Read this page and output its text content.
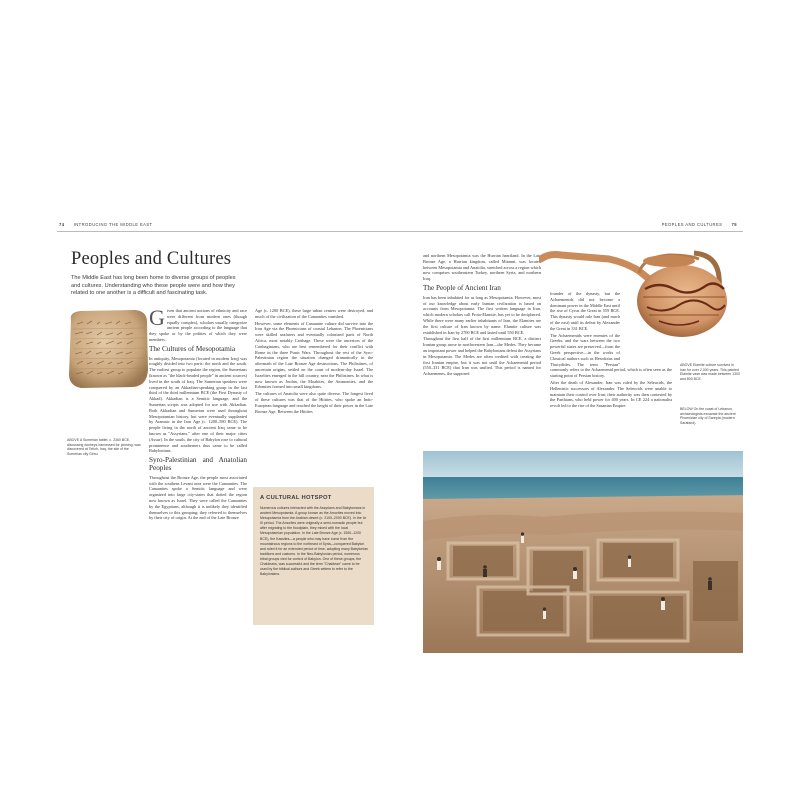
74 INTRODUCING THE MIDDLE EAST
Peoples and Cultures
The Middle East has long been home to diverse groups of peoples and cultures. Understanding who these people were and how they related to one another is a difficult and fascinating task.
ABOVE A Sumerian tablet, c. 2360 BCE, discussing donkeys harnessed for plowing; was discovered at Telloh, Iraq, the site of the Sumerian city Girsu.

Given that ancient notions of ethnicity and race were different from modern ones (though equally complex), scholars usually categorize ancient people according to the language that they spoke or by the polities of which they were members.

The Cultures of Mesopotamia

In antiquity, Mesopotamia (located in modern Iraq) was roughly divided into two parts: the north and the south. The earliest group to populate the region, the Sumerians (known as "the black-headed people" in ancient sources) lived in the south of Iraq. The Sumerian speakers were conquered by an Akkadian-speaking group in the last third of the third millennium BCE (the First Dynasty of Akkad). Akkadian is a Semitic language, and the Sumerian scripts was adopted for use with Akkadian. Both Akkadian and Sumerian were used throughout Mesopotamian history, but were eventually supplanted by Aramaic in the Iron Age (c. 1200–580 BCE). The people living in the north of ancient Iraq came to be known as "Assyrians," after one of their major cities (Assur). In the south, the city of Babylon rose to cultural prominence and southerners thus came to be called Babylonians.

Syro-Palestinian and Anatolian Peoples

Throughout the Bronze Age, the people most associated with the southern Levant area were the Canaanites. The Canaanites spoke a Semitic language and were organized into large city-states that dotted the region now known as Israel. They were called the Canaanites by the Egyptians, although it is unlikely they identified themselves to this grouping; they referred to themselves by their city of origin. At the end of the Late Bronze

Age (c. 1200 BCE), these large urban centers were destroyed, and much of the civilization of the Canaanites vanished.

However, some elements of Canaanite culture did survive into the Iron Age via the Phoenicians of coastal Lebanon. The Phoenicians were skilled seafarers and eventually colonized parts of North Africa, most notably Carthage. These were the ancestors of the Carthaginians, who are best remembered for their conflict with Rome in the three Punic Wars. Throughout the rest of the Syro-Palestinian region the situation changed dramatically in the aftermath of the Late Bronze Age destructions. The Philistines, of uncertain origins, settled on the coast of modern-day Israel. The Israelites emerged in the hill country, near the Philistines. In what is now known as Jordan, the Moabites, the Ammonites, and the Edomites formed into small kingdoms.

The cultures of Anatolia were also quite diverse. The longest lived of these cultures was that of the Hittites, who spoke an Indo-European language and reached the height of their power in the Late Bronze Age. Between the Hittites

A CULTURAL HOTSPOT
Numerous cultures interacted with the Assyrians and Babylonians in ancient Mesopotamia. A group known as the Amorites moved into Mesopotamia from the Arabian desert (c. 2100–2000 BCE). In the Ur III period. The Amorites were originally a semi-nomadic people but after migrating to the floodplain, they mixed with the local Mesopotamian population. In the Late Bronze Age (c. 1550–1200 BCE), the Kassites—a people who may have come from the mountainous regions to the northeast of Syria—conquered Babylon and ruled it for an extended period of time, adopting many Babylonian traditions and customs. In the Neo-Babylonian period, numerous tribal groups vied for control of Babylon. One of these groups, the Chaldeans, was successful and the term "Chaldean" came to be used by the biblical authors and Greek writers to refer to the Babylonians.
PEOPLES AND CULTURES 75

and northern Mesopotamia was the Hurrian heartland. In the Late Bronze Age, a Hurrian kingdom, called Mitanni, was located between Mesopotamia and Anatolia, stretched across a region which now comprises southeastern Turkey, northern Syria, and northern Iraq.

The People of Ancient Iran

Iran has been inhabited for as long as Mesopotamia. However, most of our knowledge about early Iranian civilization is based on accounts from Mesopotamia. The first written language in Iran, which modern scholars call Proto-Elamite, has yet to be deciphered. While there were many earlier inhabitants of Iran, the Elamites are the first culture of Iran known by name. Elamite culture was established in Iran by 2700 BCE and lasted until 550 BCE.

Throughout the first half of the first millennium BCE, a distinct Iranian group arose in northwestern Iran—the Medes. They became an important power and helped the Babylonians defeat the Assyrians in Mesopotamia. The Medes are often credited with creating the first Iranian empire, but it was not until the Achaemenid period (550–331 BCE) that Iran was unified. This period is named for Achaemenes, the supposed

founder of the dynasty, but the Achaemenids did not become a dominant power in the Middle East until the rise of Cyrus the Great in 559 BCE. This dynasty would rule Iran (and much of the east) until its defeat by Alexander the Great in 331 BCE.

The Achaemenids were enemies of the Greeks, and the wars between the two powerful states are preserved—from the Greek perspective—in the works of Classical authors such as Herodotus and Thucydides. The term "Persian" commonly refers to the Achaemenid period, which is often seen as the starting point of Persian history.

After the death of Alexander, Iran was ruled by the Seleucids, the Hellenistic successors of Alexander. The Seleucids were unable to maintain their control over Iran; their authority was then contested by the Parthians, who held power for 400 years. In CE 224 a nationalist revolt led to the rise of the Sasanian Empire.

ABOVE Elamite culture survived in Iran for over 2,000 years. This painted Elamite vase was made between 1300 and 800 BCE.
BELOW On the coast of Lebanon, archaeologists excavate the ancient Phoenician city of Sarepta (modern Sarafand).
